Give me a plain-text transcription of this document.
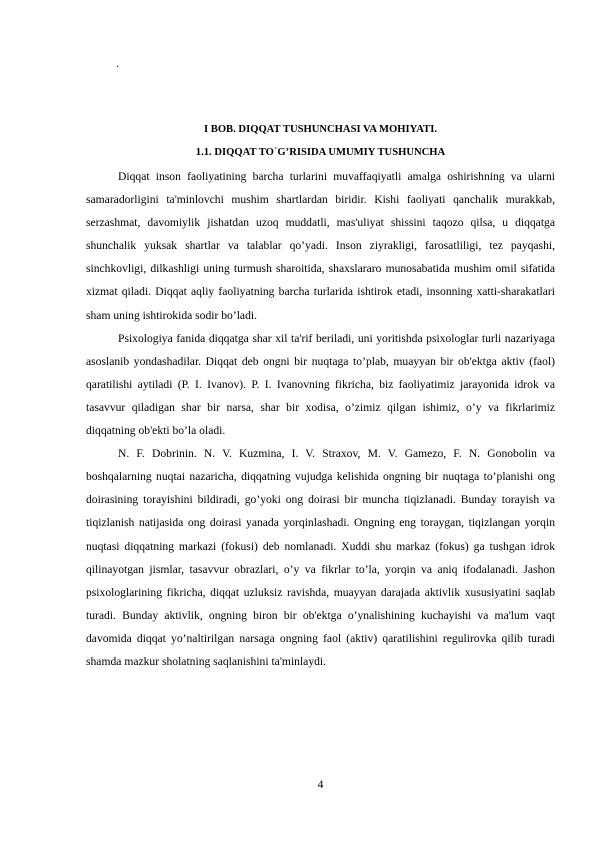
.
I BOB. DIQQAT TUSHUNCHASI VA MOHIYATI.
1.1. DIQQAT TO`G’RISIDA UMUMIY TUSHUNCHA

Diqqat inson faoliyatining barcha turlarini muvaffaqiyatli amalga oshirishning va ularni samaradorligini ta'minlovchi mushim shartlardan biridir. Kishi faoliyati qanchalik murakkab, serzashmat, davomiylik jishatdan uzoq muddatli, mas'uliyat shissini taqozo qilsa, u diqqatga shunchalik yuksak shartlar va talablar qo’yadi. Inson ziyrakligi, farosatliligi, tez payqashi, sinchkovligi, dilkashligi uning turmush sharoitida, shaxslararo munosabatida mushim omil sifatida xizmat qiladi. Diqqat aqliy faoliyatning barcha turlarida ishtirok etadi, insonning xatti-sharakatlari sham uning ishtirokida sodir bo’ladi.

Psixologiya fanida diqqatga shar xil ta'rif beriladi, uni yoritishda psixologlar turli nazariyaga asoslanib yondashadilar. Diqqat deb ongni bir nuqtaga to’plab, muayyan bir ob'ektga aktiv (faol) qaratilishi aytiladi (P. I. Ivanov). P. I. Ivanovning fikricha, biz faoliyatimiz jarayonida idrok va tasavvur qiladigan shar bir narsa, shar bir xodisa, o’zimiz qilgan ishimiz, o’y va fikrlarimiz diqqatning ob'ekti bo’la oladi.

N. F. Dobrinin. N. V. Kuzmina, I. V. Straxov, M. V. Gamezo, F. N. Gonobolin va boshqalarning nuqtai nazaricha, diqqatning vujudga kelishida ongning bir nuqtaga to’planishi ong doirasining torayishini bildiradi, go’yoki ong doirasi bir muncha tiqizlanadi. Bunday torayish va tiqizlanish natijasida ong doirasi yanada yorqinlashadi. Ongning eng toraygan, tiqizlangan yorqin nuqtasi diqqatning markazi (fokusi) deb nomlanadi. Xuddi shu markaz (fokus) ga tushgan idrok qilinayotgan jismlar, tasavvur obrazlari, o’y va fikrlar to’la, yorqin va aniq ifodalanadi. Jashon psixologlarining fikricha, diqqat uzluksiz ravishda, muayyan darajada aktivlik xususiyatini saqlab turadi. Bunday aktivlik, ongning biron bir ob'ektga o’ynalishining kuchayishi va ma'lum vaqt davomida diqqat yo’naltirilgan narsaga ongning faol (aktiv) qaratilishini regulirovka qilib turadi shamda mazkur sholatning saqlanishini ta'minlaydi.

4
